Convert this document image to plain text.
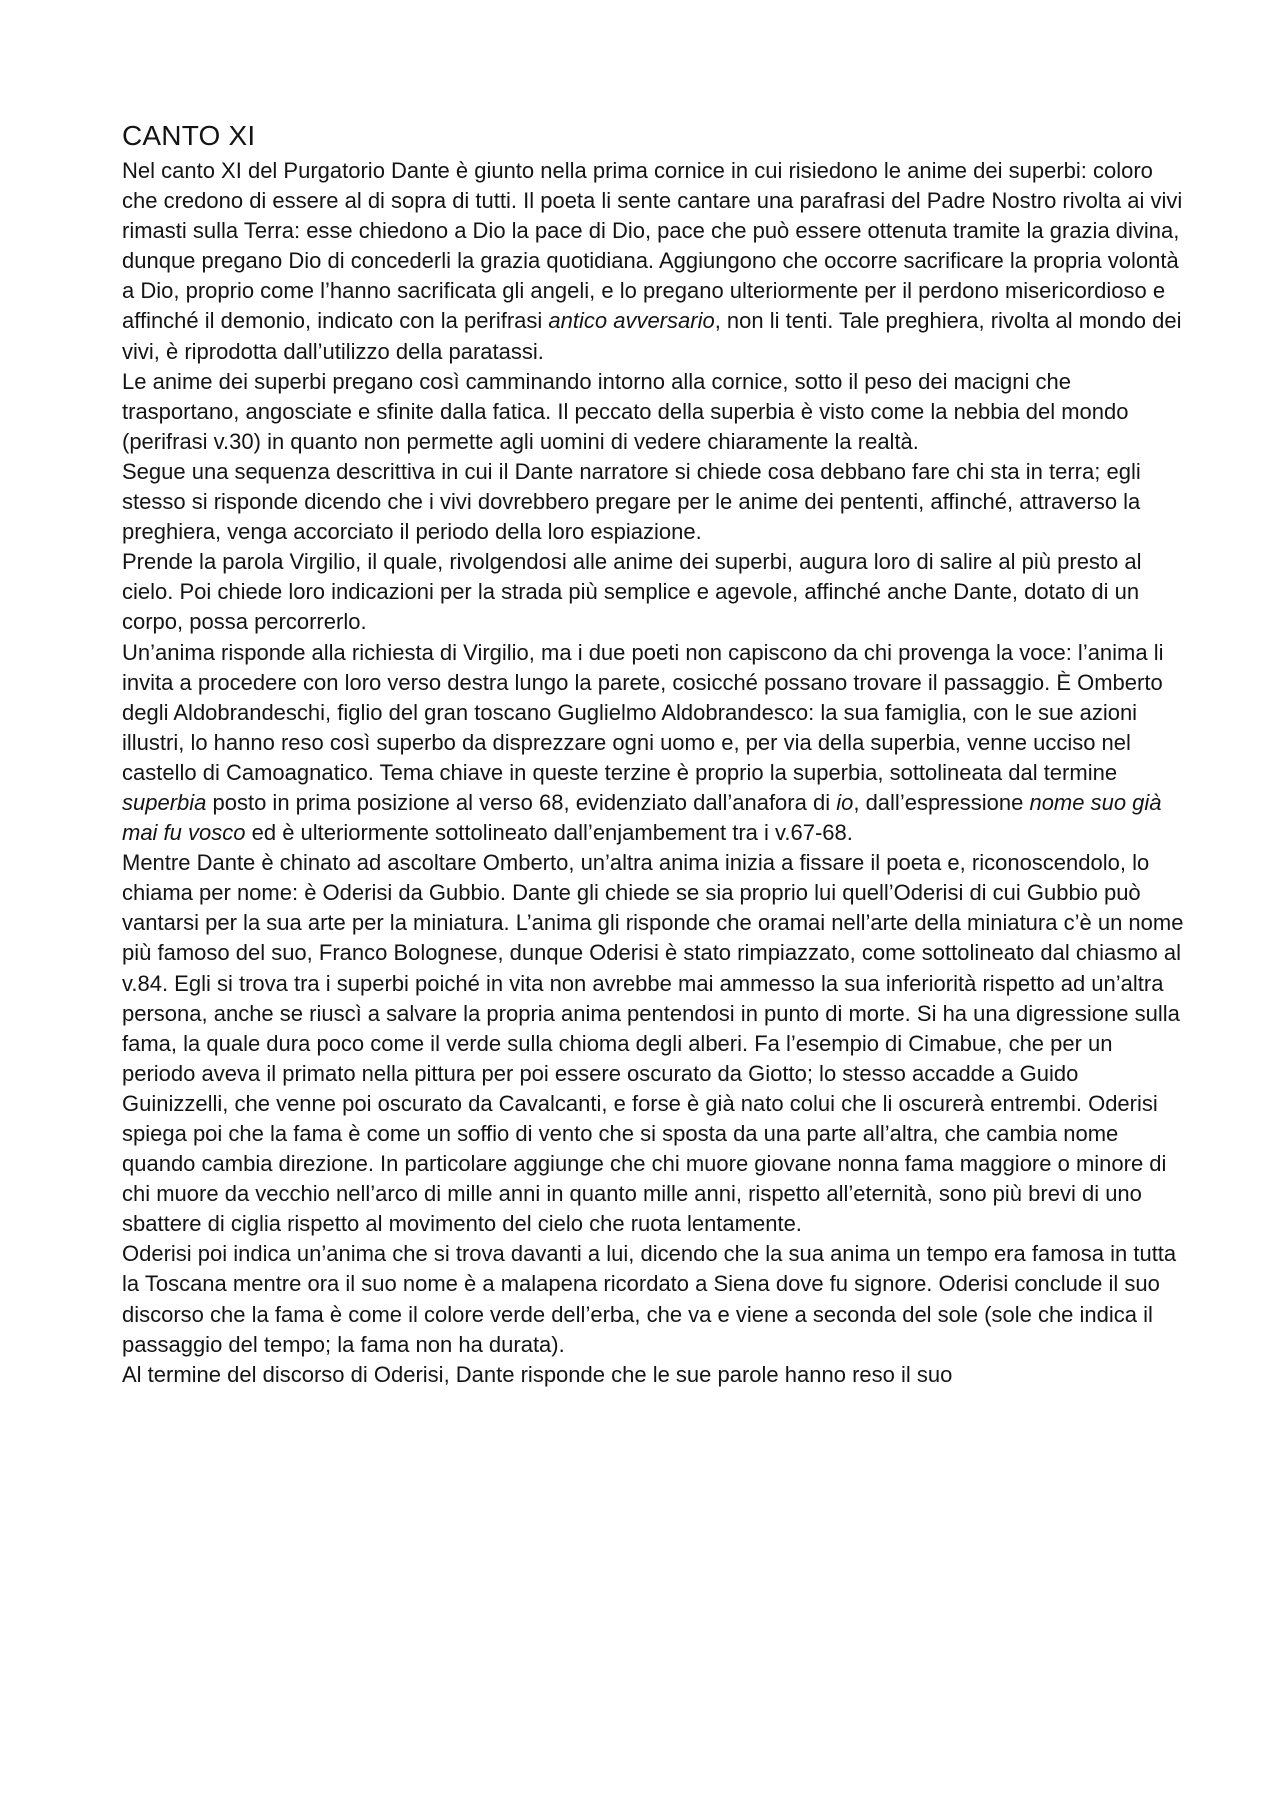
CANTO XI

Nel canto XI del Purgatorio Dante è giunto nella prima cornice in cui risiedono le anime dei superbi: coloro che credono di essere al di sopra di tutti. Il poeta li sente cantare una parafrasi del Padre Nostro rivolta ai vivi rimasti sulla Terra: esse chiedono a Dio la pace di Dio, pace che può essere ottenuta tramite la grazia divina, dunque pregano Dio di concederli la grazia quotidiana. Aggiungono che occorre sacrificare la propria volontà a Dio, proprio come l’hanno sacrificata gli angeli, e lo pregano ulteriormente per il perdono misericordioso e affinché il demonio, indicato con la perifrasi antico avversario, non li tenti. Tale preghiera, rivolta al mondo dei vivi, è riprodotta dall’utilizzo della paratassi.

Le anime dei superbi pregano così camminando intorno alla cornice, sotto il peso dei macigni che trasportano, angosciate e sfinite dalla fatica. Il peccato della superbia è visto come la nebbia del mondo (perifrasi v.30) in quanto non permette agli uomini di vedere chiaramente la realtà.

Segue una sequenza descrittiva in cui il Dante narratore si chiede cosa debbano fare chi sta in terra; egli stesso si risponde dicendo che i vivi dovrebbero pregare per le anime dei pententi, affinché, attraverso la preghiera, venga accorciato il periodo della loro espiazione.

Prende la parola Virgilio, il quale, rivolgendosi alle anime dei superbi, augura loro di salire al più presto al cielo. Poi chiede loro indicazioni per la strada più semplice e agevole, affinché anche Dante, dotato di un corpo, possa percorrerlo.

Un’anima risponde alla richiesta di Virgilio, ma i due poeti non capiscono da chi provenga la voce: l’anima li invita a procedere con loro verso destra lungo la parete, cosicché possano trovare il passaggio. È Omberto degli Aldobrandeschi, figlio del gran toscano Guglielmo Aldobrandesco: la sua famiglia, con le sue azioni illustri, lo hanno reso così superbo da disprezzare ogni uomo e, per via della superbia, venne ucciso nel castello di Camoagnatico. Tema chiave in queste terzine è proprio la superbia, sottolineata dal termine superbia posto in prima posizione al verso 68, evidenziato dall’anafora di io, dall’espressione nome suo già mai fu vosco ed è ulteriormente sottolineato dall’enjambement tra i v.67-68.

Mentre Dante è chinato ad ascoltare Omberto, un’altra anima inizia a fissare il poeta e, riconoscendolo, lo chiama per nome: è Oderisi da Gubbio. Dante gli chiede se sia proprio lui quell’Oderisi di cui Gubbio può vantarsi per la sua arte per la miniatura. L’anima gli risponde che oramai nell’arte della miniatura c’è un nome più famoso del suo, Franco Bolognese, dunque Oderisi è stato rimpiazzato, come sottolineato dal chiasmo al v.84. Egli si trova tra i superbi poiché in vita non avrebbe mai ammesso la sua inferiorità rispetto ad un’altra persona, anche se riuscì a salvare la propria anima pentendosi in punto di morte. Si ha una digressione sulla fama, la quale dura poco come il verde sulla chioma degli alberi. Fa l’esempio di Cimabue, che per un periodo aveva il primato nella pittura per poi essere oscurato da Giotto; lo stesso accadde a Guido Guinizzelli, che venne poi oscurato da Cavalcanti, e forse è già nato colui che li oscurerà entrembi. Oderisi spiega poi che la fama è come un soffio di vento che si sposta da una parte all’altra, che cambia nome quando cambia direzione. In particolare aggiunge che chi muore giovane nonna fama maggiore o minore di chi muore da vecchio nell’arco di mille anni in quanto mille anni, rispetto all’eternità, sono più brevi di uno sbattere di ciglia rispetto al movimento del cielo che ruota lentamente.

Oderisi poi indica un’anima che si trova davanti a lui, dicendo che la sua anima un tempo era famosa in tutta la Toscana mentre ora il suo nome è a malapena ricordato a Siena dove fu signore. Oderisi conclude il suo discorso che la fama è come il colore verde dell’erba, che va e viene a seconda del sole (sole che indica il passaggio del tempo; la fama non ha durata).

Al termine del discorso di Oderisi, Dante risponde che le sue parole hanno reso il suo
